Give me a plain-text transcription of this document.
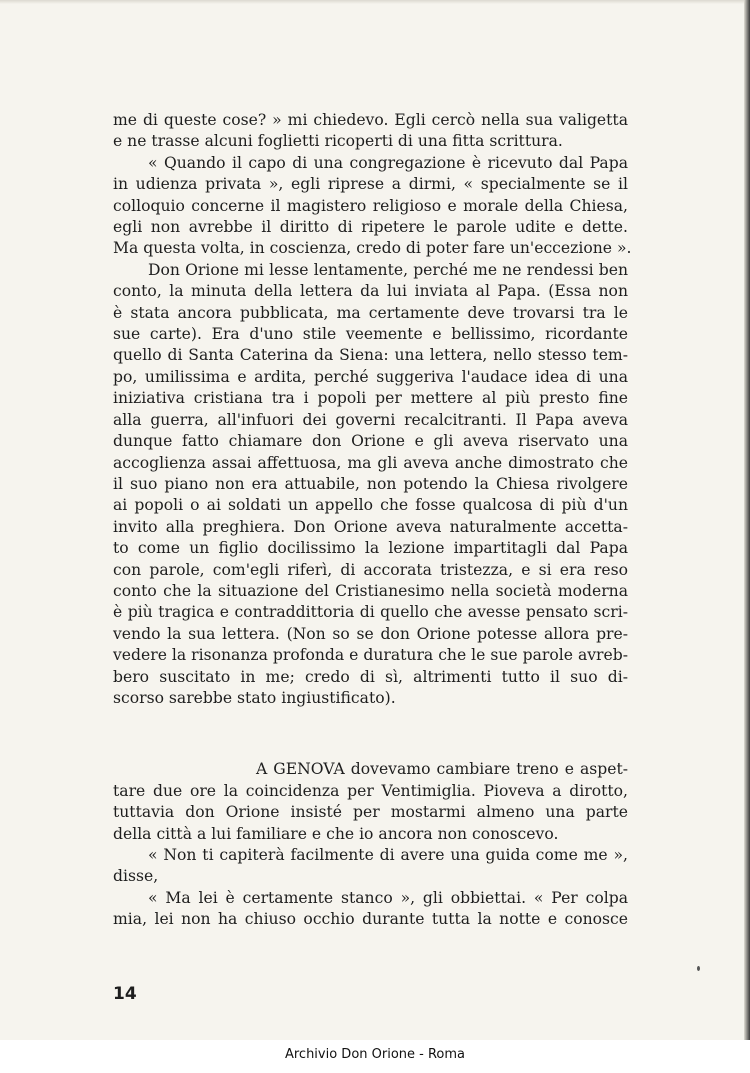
me di queste cose? » mi chiedevo. Egli cercò nella sua valigetta
e ne trasse alcuni foglietti ricoperti di una fitta scrittura.

« Quando il capo di una congregazione è ricevuto dal Papa
in udienza privata », egli riprese a dirmi, « specialmente se il
colloquio concerne il magistero religioso e morale della Chiesa,
egli non avrebbe il diritto di ripetere le parole udite e dette.
Ma questa volta, in coscienza, credo di poter fare un'eccezione ».

Don Orione mi lesse lentamente, perché me ne rendessi ben
conto, la minuta della lettera da lui inviata al Papa. (Essa non
è stata ancora pubblicata, ma certamente deve trovarsi tra le
sue carte). Era d'uno stile veemente e bellissimo, ricordante
quello di Santa Caterina da Siena: una lettera, nello stesso tem-
po, umilissima e ardita, perché suggeriva l'audace idea di una
iniziativa cristiana tra i popoli per mettere al più presto fine
alla guerra, all'infuori dei governi recalcitranti. Il Papa aveva
dunque fatto chiamare don Orione e gli aveva riservato una
accoglienza assai affettuosa, ma gli aveva anche dimostrato che
il suo piano non era attuabile, non potendo la Chiesa rivolgere
ai popoli o ai soldati un appello che fosse qualcosa di più d'un
invito alla preghiera. Don Orione aveva naturalmente accetta-
to come un figlio docilissimo la lezione impartitagli dal Papa
con parole, com'egli riferì, di accorata tristezza, e si era reso
conto che la situazione del Cristianesimo nella società moderna
è più tragica e contraddittoria di quello che avesse pensato scri-
vendo la sua lettera. (Non so se don Orione potesse allora pre-
vedere la risonanza profonda e duratura che le sue parole avreb-
bero suscitato in me; credo di sì, altrimenti tutto il suo di-
scorso sarebbe stato ingiustificato).

A GENOVA dovevamo cambiare treno e aspet-
tare due ore la coincidenza per Ventimiglia. Pioveva a dirotto,
tuttavia don Orione insisté per mostarmi almeno una parte
della città a lui familiare e che io ancora non conoscevo.

« Non ti capiterà facilmente di avere una guida come me »,
disse,

« Ma lei è certamente stanco », gli obbiettai. « Per colpa
mia, lei non ha chiuso occhio durante tutta la notte e conosce

14
Archivio Don Orione - Roma
